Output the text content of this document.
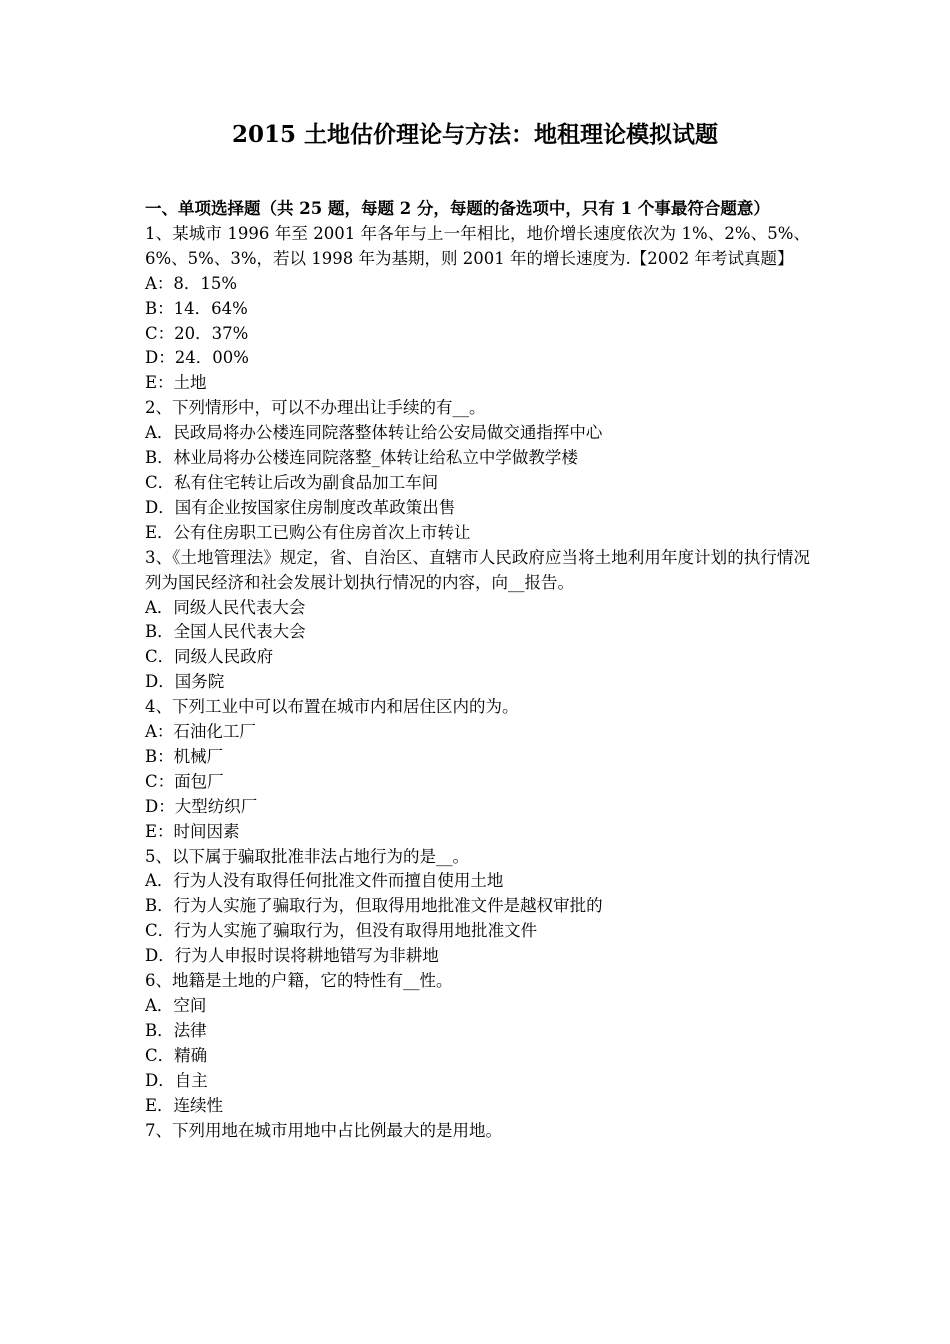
2015 土地估价理论与方法：地租理论模拟试题

一、单项选择题（共 25 题，每题 2 分，每题的备选项中，只有 1 个事最符合题意）

1、某城市 1996 年至 2001 年各年与上一年相比，地价增长速度依次为 1%、2%、5%、6%、5%、3%，若以 1998 年为基期，则 2001 年的增长速度为.【2002 年考试真题】

A：8．15%

B：14．64%

C：20．37%

D：24．00%

E：土地

2、下列情形中，可以不办理出让手续的有__。

A．民政局将办公楼连同院落整体转让给公安局做交通指挥中心

B．林业局将办公楼连同院落整_体转让给私立中学做教学楼

C．私有住宅转让后改为副食品加工车间

D．国有企业按国家住房制度改革政策出售

E．公有住房职工已购公有住房首次上市转让

3、《土地管理法》规定，省、自治区、直辖市人民政府应当将土地利用年度计划的执行情况列为国民经济和社会发展计划执行情况的内容，向__报告。

A．同级人民代表大会

B．全国人民代表大会

C．同级人民政府

D．国务院

4、下列工业中可以布置在城市内和居住区内的为。

A：石油化工厂

B：机械厂

C：面包厂

D：大型纺织厂

E：时间因素

5、以下属于骗取批准非法占地行为的是__。

A．行为人没有取得任何批准文件而擅自使用土地

B．行为人实施了骗取行为，但取得用地批准文件是越权审批的

C．行为人实施了骗取行为，但没有取得用地批准文件

D．行为人申报时误将耕地错写为非耕地

6、地籍是土地的户籍，它的特性有__性。

A．空间

B．法律

C．精确

D．自主

E．连续性

7、下列用地在城市用地中占比例最大的是用地。
